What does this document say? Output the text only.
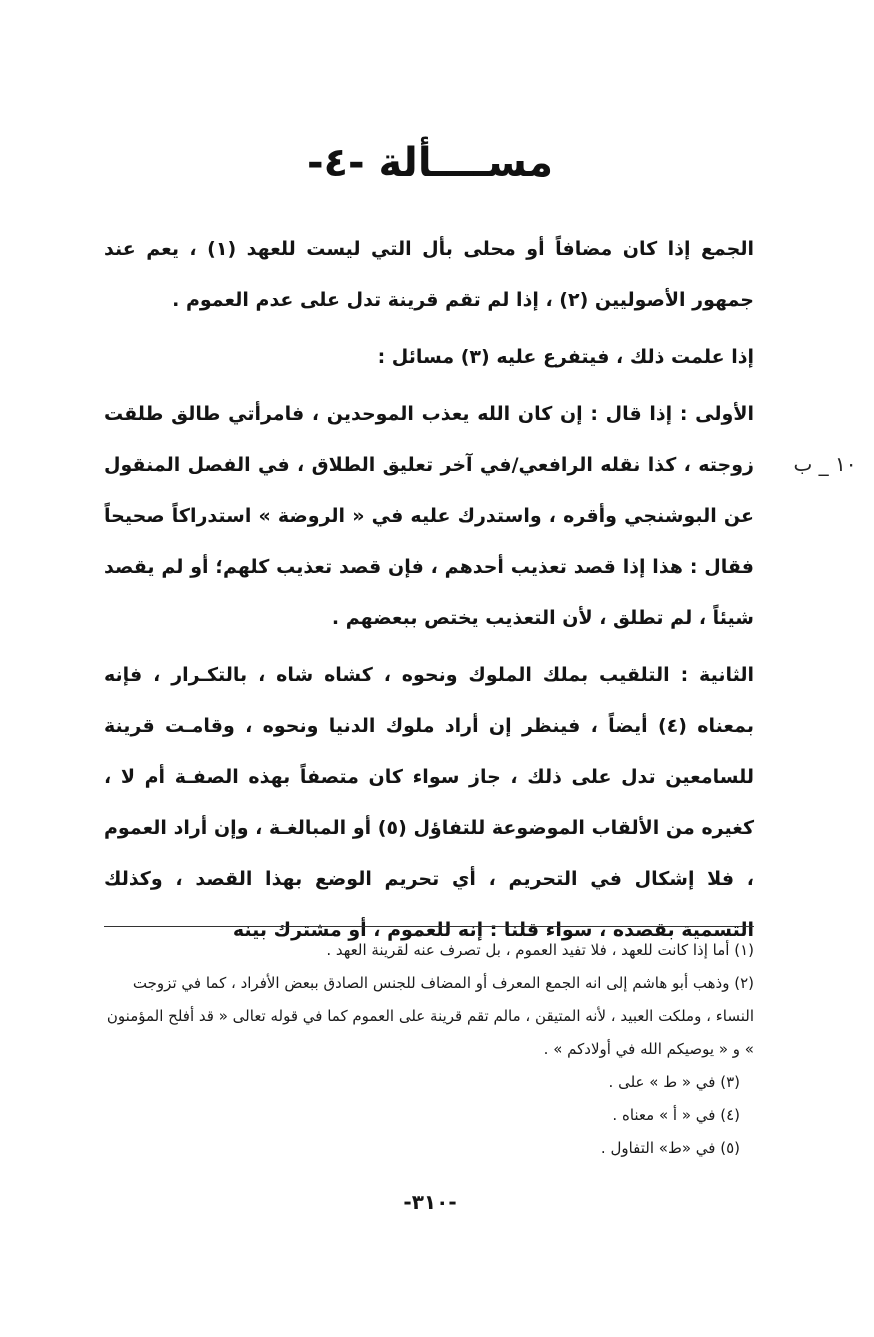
مســــألة -٤-
١٠ _ ب

الجمع إذا كان مضافاً أو محلى بأل التي ليست للعهد (١) ، يعم عند جمهور الأصوليين (٢) ، إذا لم تقم قرينة تدل على عدم العموم .

إذا علمت ذلك ، فيتفرع عليه (٣) مسائل :

الأولى : إذا قال : إن كان الله يعذب الموحدين ، فامرأتي طالق طلقت زوجته ، كذا نقله الرافعي/في آخر تعليق الطلاق ، في الفصل المنقول عن البوشنجي وأقره ، واستدرك عليه في « الروضة » استدراكاً صحيحاً فقال : هذا إذا قصد تعذيب أحدهم ، فإن قصد تعذيب كلهم؛ أو لم يقصد شيئاً ، لم تطلق ، لأن التعذيب يختص ببعضهم .

الثانية : التلقيب بملك الملوك ونحوه ، كشاه شاه ، بالتكـرار ، فإنه بمعناه (٤) أيضاً ، فينظر إن أراد ملوك الدنيا ونحوه ، وقامـت قرينة للسامعين تدل على ذلك ، جاز سواء كان متصفاً بهذه الصفـة أم لا ، كغيره من الألقاب الموضوعة للتفاؤل (٥) أو المبالغـة ، وإن أراد العموم ، فلا إشكال في التحريم ، أي تحريم الوضع بهذا القصد ، وكذلك التسمية بقصده ، سواء قلنا : إنه للعموم ، أو مشترك بينه

(١) أما إذا كانت للعهد ، فلا تفيد العموم ، بل تصرف عنه لقرينة العهد .

(٢) وذهب أبو هاشم إلى انه الجمع المعرف أو المضاف للجنس الصادق ببعض الأفراد ، كما في تزوجت النساء ، وملكت العبيد ، لأنه المتيقن ، مالم تقم قرينة على العموم كما في قوله تعالى « قد أفلح المؤمنون » و « يوصيكم الله في أولادكم » .

(٣) في « ط » على .

(٤) في « أ » معناه .

(٥) في «ط» التفاول .

-٣١٠-
